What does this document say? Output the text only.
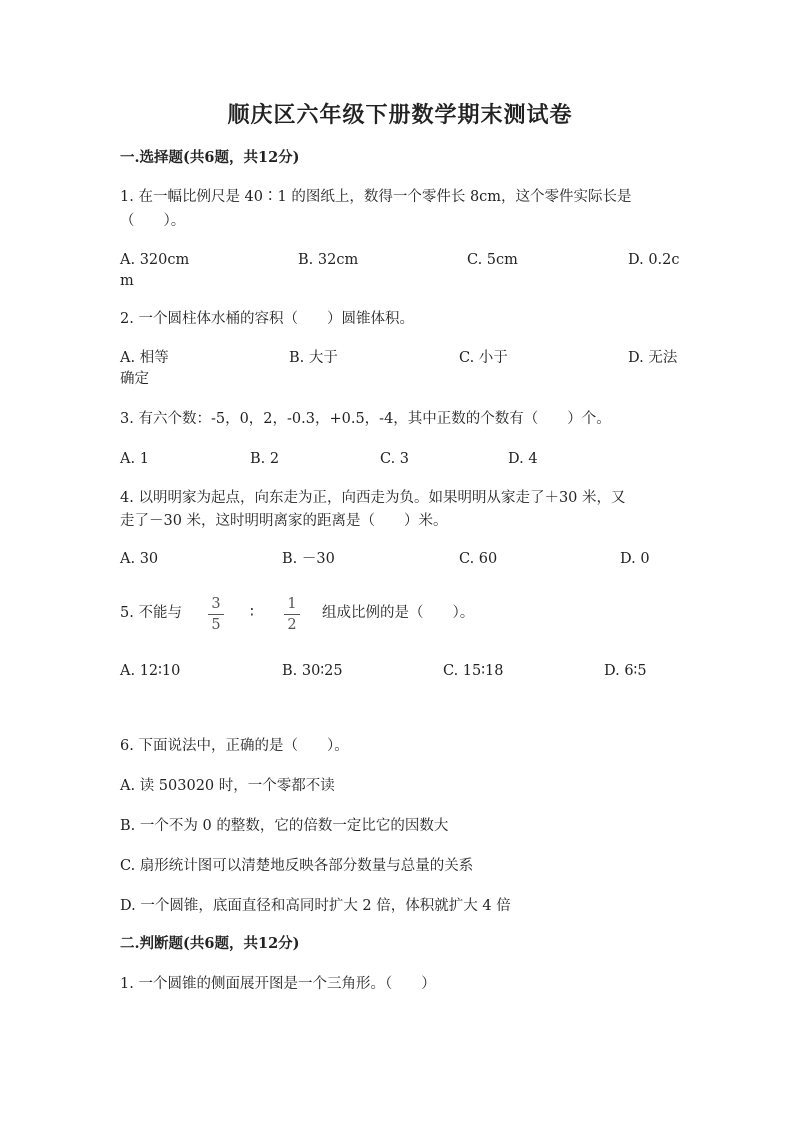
顺庆区六年级下册数学期末测试卷
一.选择题(共6题，共12分)
1. 在一幅比例尺是 40∶1 的图纸上，数得一个零件长 8cm，这个零件实际长是
（　　）。
A. 320cm	B. 32cm	C. 5cm	D. 0.2c
m
2. 一个圆柱体水桶的容积（　　）圆锥体积。
A. 相等	B. 大于	C. 小于	D. 无法
确定
3. 有六个数：-5，0，2，-0.3，+0.5，-4，其中正数的个数有（　　）个。
A. 1	B. 2	C. 3	D. 4
4. 以明明家为起点，向东走为正，向西走为负。如果明明从家走了＋30 米，又
走了－30 米，这时明明离家的距离是（　　）米。
A. 30	B. －30	C. 60	D. 0
5. 不能与
3
5
∶
1
2
组成比例的是（　　）。
A. 12∶10	B. 30∶25	C. 15∶18	D. 6∶5
6. 下面说法中，正确的是（　　）。
A. 读 503020 时，一个零都不读
B. 一个不为 0 的整数，它的倍数一定比它的因数大
C. 扇形统计图可以清楚地反映各部分数量与总量的关系
D. 一个圆锥，底面直径和高同时扩大 2 倍，体积就扩大 4 倍
二.判断题(共6题，共12分)
1. 一个圆锥的侧面展开图是一个三角形。（　　）
